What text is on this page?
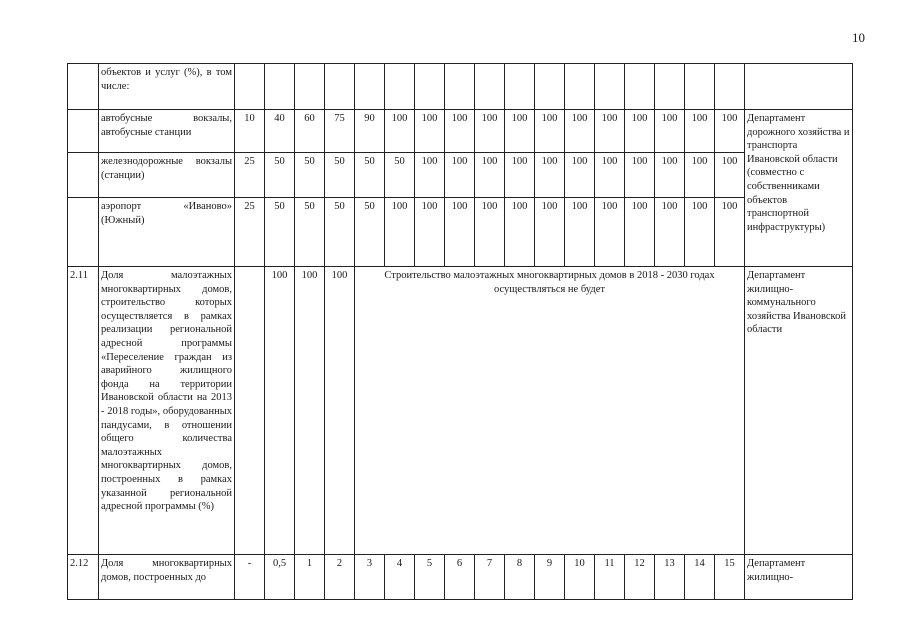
10
	объектов и услуг (%), в том числе:																		
	автобусные вокзалы, автобусные станции	10	40	60	75	90	100	100	100	100	100	100	100	100	100	100	100	100	Департамент дорожного хозяйства и транспорта Ивановской области (совместно с собственниками объектов транспортной инфраструктуры)
	железнодорожные вокзалы (станции)	25	50	50	50	50	50	100	100	100	100	100	100	100	100	100	100	100	
	аэропорт «Иваново» (Южный)	25	50	50	50	50	100	100	100	100	100	100	100	100	100	100	100	100	
2.11	Доля малоэтажных многоквартирных домов, строительство которых осуществляется в рамках реализации региональной адресной программы «Переселение граждан из аварийного жилищного фонда на территории Ивановской области на 2013 - 2018 годы», оборудованных пандусами, в отношении общего количества малоэтажных многоквартирных домов, построенных в рамках указанной региональной адресной программы (%)		100	100	100	Строительство малоэтажных многоквартирных домов в 2018 - 2030 годах осуществляться не будет													Департамент жилищно-коммунального хозяйства Ивановской области
2.12	Доля многоквартирных домов, построенных до	-	0,5	1	2	3	4	5	6	7	8	9	10	11	12	13	14	15	Департамент жилищно-
